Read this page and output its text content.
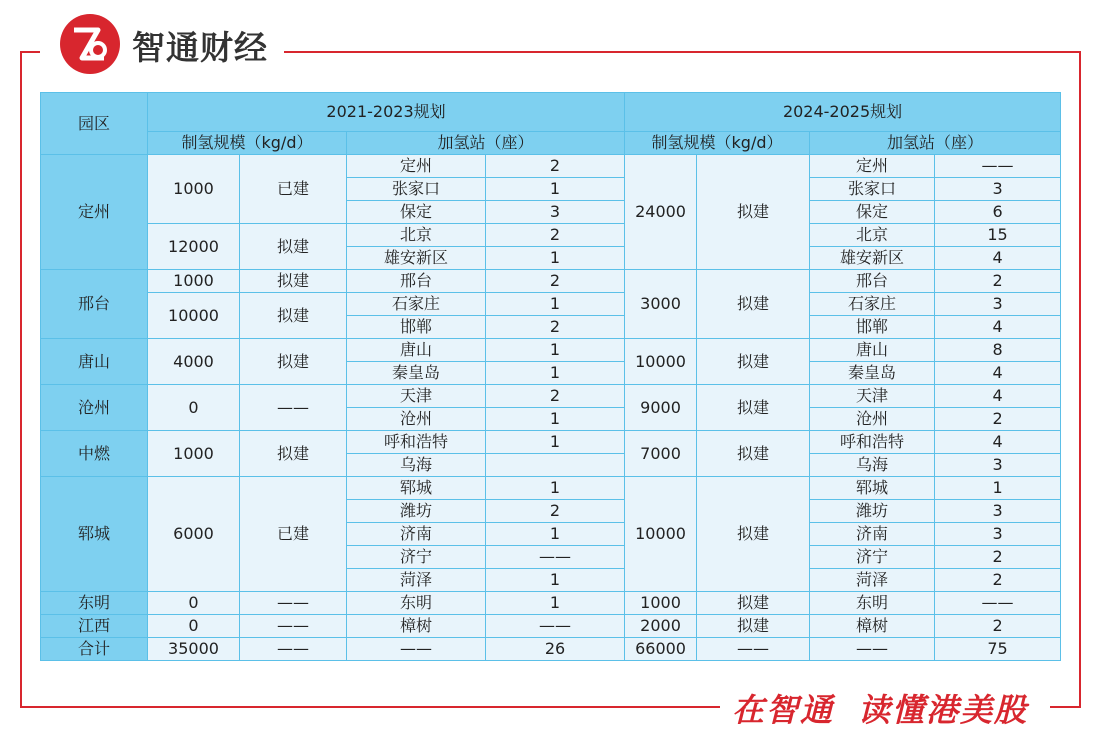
智通财经
园区	2021-2023规划				2024-2025规划			
	制氢规模（kg/d）		加氢站（座）		制氢规模（kg/d）		加氢站（座）	
定州	1000	已建	定州	2	24000	拟建	定州	——
			张家口	1			张家口	3
			保定	3			保定	6
	12000	拟建	北京	2			北京	15
			雄安新区	1			雄安新区	4
邢台	1000	拟建	邢台	2	3000	拟建	邢台	2
	10000	拟建	石家庄	1			石家庄	3
			邯郸	2			邯郸	4
唐山	4000	拟建	唐山	1	10000	拟建	唐山	8
			秦皇岛	1			秦皇岛	4
沧州	0	——	天津	2	9000	拟建	天津	4
			沧州	1			沧州	2
中燃	1000	拟建	呼和浩特	1	7000	拟建	呼和浩特	4
			乌海				乌海	3
郓城	6000	已建	郓城	1	10000	拟建	郓城	1
			潍坊	2			潍坊	3
			济南	1			济南	3
			济宁	——			济宁	2
			菏泽	1			菏泽	2
东明	0	——	东明	1	1000	拟建	东明	——
江西	0	——	樟树	——	2000	拟建	樟树	2
合计	35000	——	——	26	66000	——	——	75
在智通 读懂港美股
